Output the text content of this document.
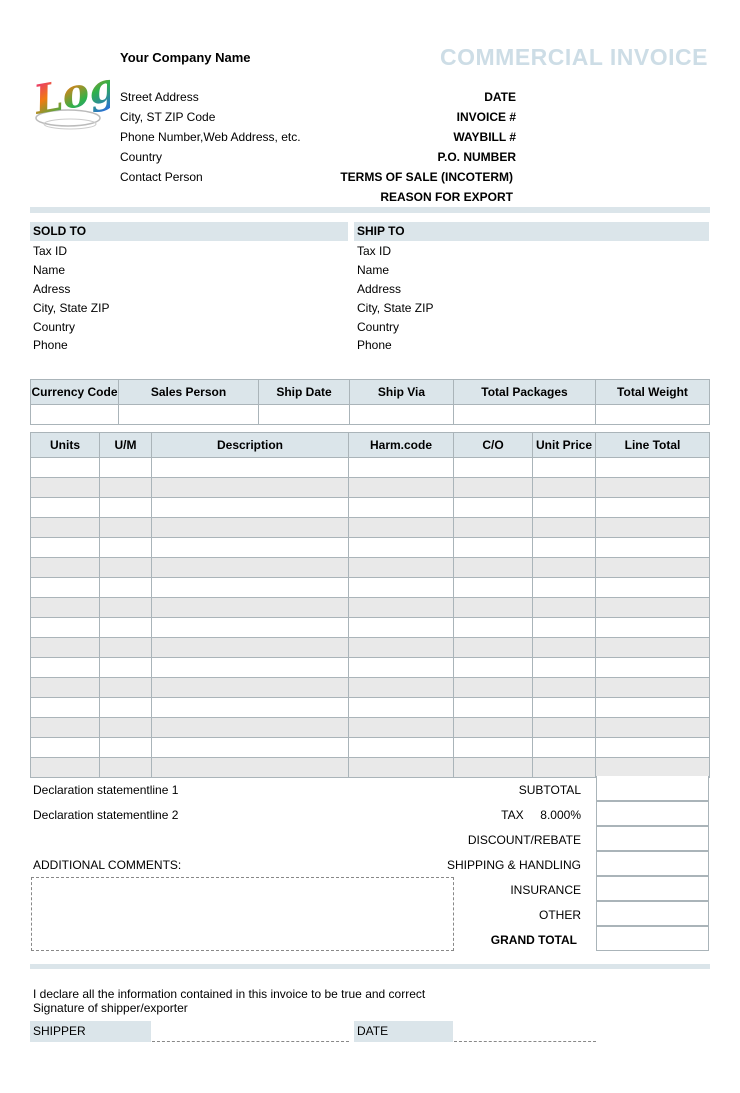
Logo
Your Company Name
Street Address
City, ST ZIP Code
Phone Number,Web Address, etc.
Country
Contact Person
COMMERCIAL INVOICE
DATE
INVOICE #
WAYBILL #
P.O. NUMBER
TERMS OF SALE (INCOTERM)
REASON FOR EXPORT
SOLD TO
Tax ID
Name
Adress
City, State ZIP
Country
Phone
SHIP TO
Tax ID
Name
Address
City, State ZIP
Country
Phone
Currency Code	Sales Person	Ship Date	Ship Via	Total Packages	Total Weight

Units	U/M	Description	Harm.code	C/O	Unit Price	Line Total

Declaration statementline 1
Declaration statementline 2
ADDITIONAL COMMENTS:
SUBTOTAL
TAX     8.000%
DISCOUNT/REBATE
SHIPPING & HANDLING
INSURANCE
OTHER
GRAND TOTAL
I declare all the information contained in this invoice to be true and correct
Signature of shipper/exporter
SHIPPER	DATE
